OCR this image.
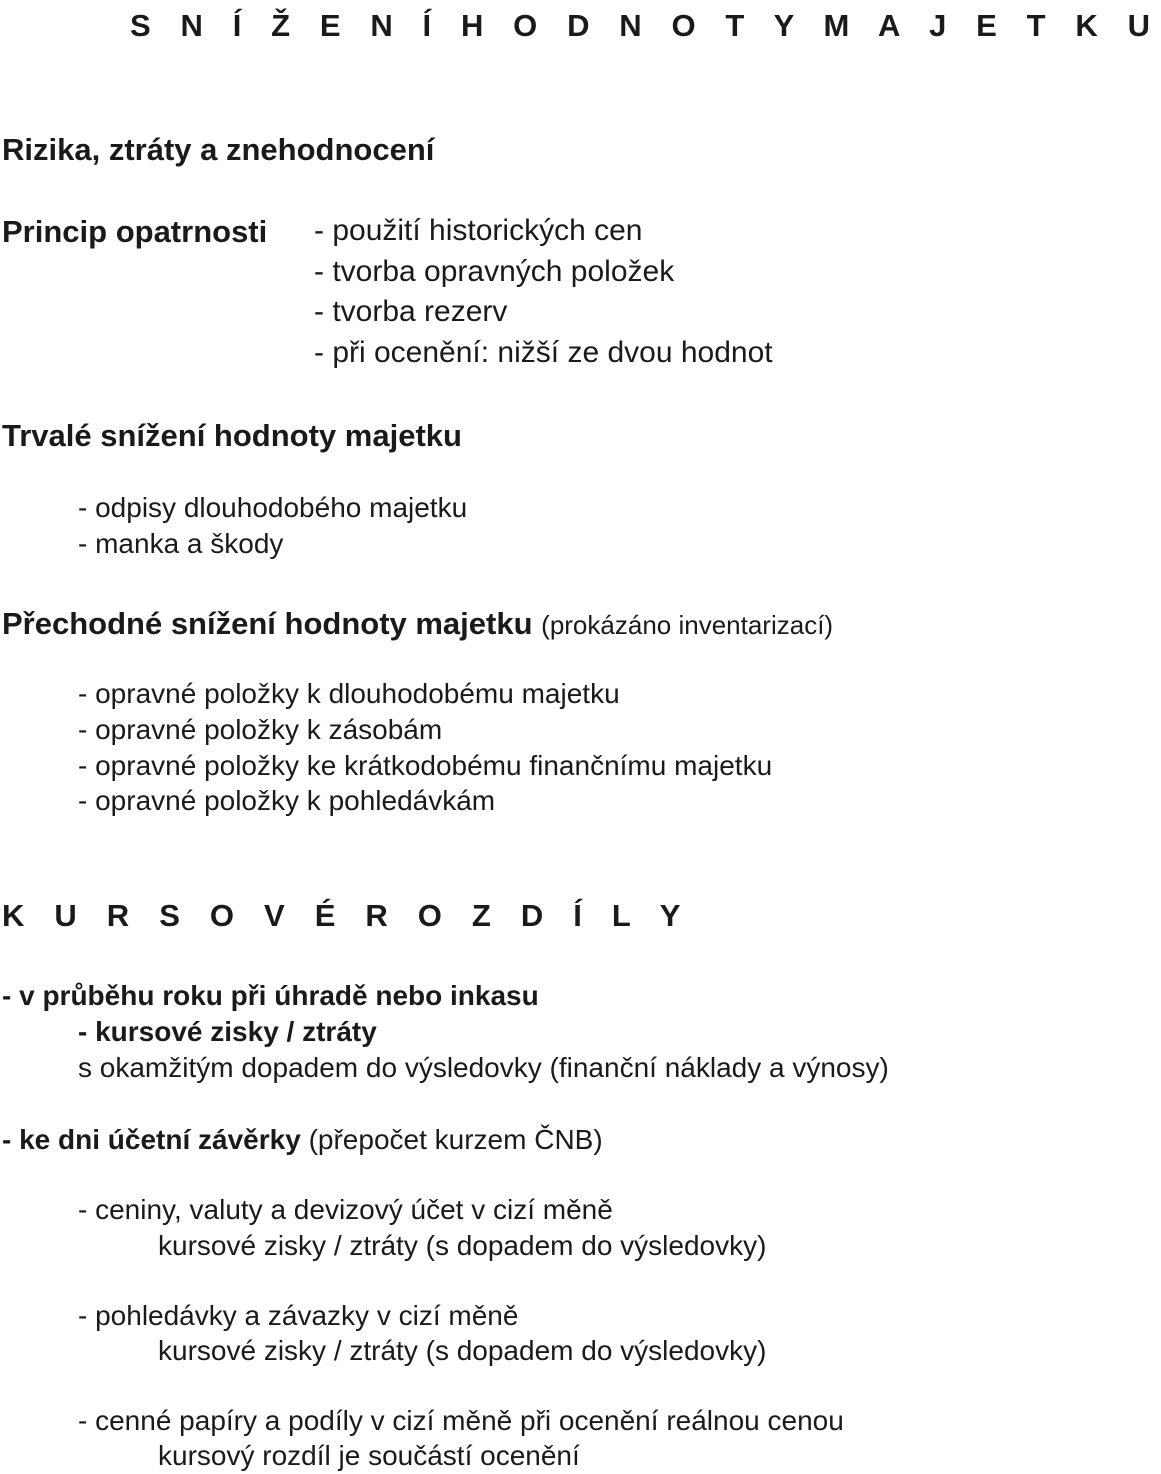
S N Í Ž E N Í H O D N O T Y M A J E T K U
Rizika, ztráty a znehodnocení
Princip opatrnosti - použití historických cen
- tvorba opravných položek
- tvorba rezerv
- při ocenění: nižší ze dvou hodnot
Trvalé snížení hodnoty majetku
- odpisy dlouhodobého majetku
- manka a škody
Přechodné snížení hodnoty majetku (prokázáno inventarizací)
- opravné položky k dlouhodobému majetku
- opravné položky k zásobám
- opravné položky ke krátkodobému finančnímu majetku
- opravné položky k pohledávkám
K U R S O V É R O Z D Í L Y
- v průběhu roku při úhradě nebo inkasu
- kursové zisky / ztráty
s okamžitým dopadem do výsledovky (finanční náklady a výnosy)
- ke dni účetní závěrky (přepočet kurzem ČNB)
- ceniny, valuty a devizový účet v cizí měně
kursové zisky / ztráty (s dopadem do výsledovky)
- pohledávky a závazky v cizí měně
kursové zisky / ztráty (s dopadem do výsledovky)
- cenné papíry a podíly v cizí měně při ocenění reálnou cenou
kursový rozdíl je součástí ocenění
